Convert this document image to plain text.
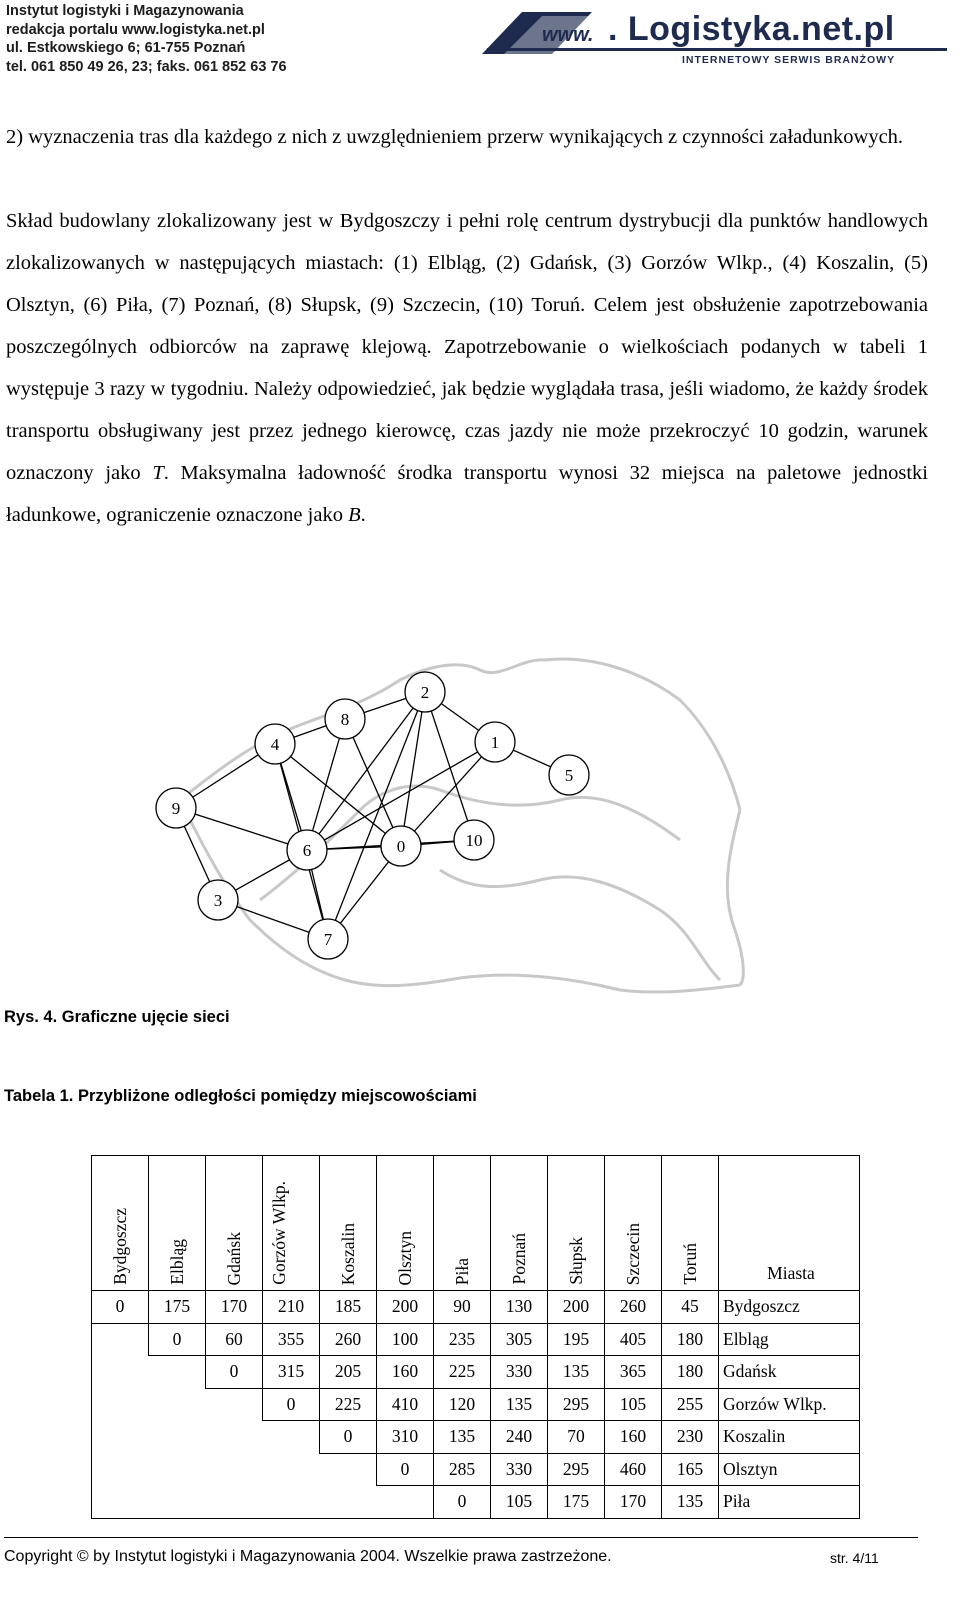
Instytut logistyki i Magazynowania
redakcja portalu www.logistyka.net.pl
ul. Estkowskiego 6; 61-755 Poznań
tel. 061 850 49 26, 23; faks. 061 852 63 76
www. . Logistyka.net.pl
INTERNETOWY SERWIS BRANŻOWY

2) wyznaczenia tras dla każdego z nich z uwzględnieniem przerw wynikających z czynności załadunkowych.

Skład budowlany zlokalizowany jest w Bydgoszczy i pełni rolę centrum dystrybucji dla punktów handlowych zlokalizowanych w następujących miastach: (1) Elbląg, (2) Gdańsk, (3) Gorzów Wlkp., (4) Koszalin, (5) Olsztyn, (6) Piła, (7) Poznań, (8) Słupsk, (9) Szczecin, (10) Toruń. Celem jest obsłużenie zapotrzebowania poszczególnych odbiorców na zaprawę klejową. Zapotrzebowanie o wielkościach podanych w tabeli 1 występuje 3 razy w tygodniu. Należy odpowiedzieć, jak będzie wyglądała trasa, jeśli wiadomo, że każdy środek transportu obsługiwany jest przez jednego kierowcę, czas jazdy nie może przekroczyć 10 godzin, warunek oznaczony jako T. Maksymalna ładowność środka transportu wynosi 32 miejsca na paletowe jednostki ładunkowe, ograniczenie oznaczone jako B.

0
1
2
3
4
5
6
7
8
9
10
Rys. 4. Graficzne ujęcie sieci
Tabela 1. Przybliżone odległości pomiędzy miejscowościami
Bydgoszcz	Elbląg	Gdańsk	Gorzów Wlkp.	Koszalin	Olsztyn	Piła	Poznań	Słupsk	Szczecin	Toruń	Miasta
0	175	170	210	185	200	90	130	200	260	45	Bydgoszcz
	0	60	355	260	100	235	305	195	405	180	Elbląg
		0	315	205	160	225	330	135	365	180	Gdańsk
			0	225	410	120	135	295	105	255	Gorzów Wlkp.
				0	310	135	240	70	160	230	Koszalin
					0	285	330	295	460	165	Olsztyn
						0	105	175	170	135	Piła
Copyright © by Instytut logistyki i Magazynowania 2004. Wszelkie prawa zastrzeżone.	str. 4/11
